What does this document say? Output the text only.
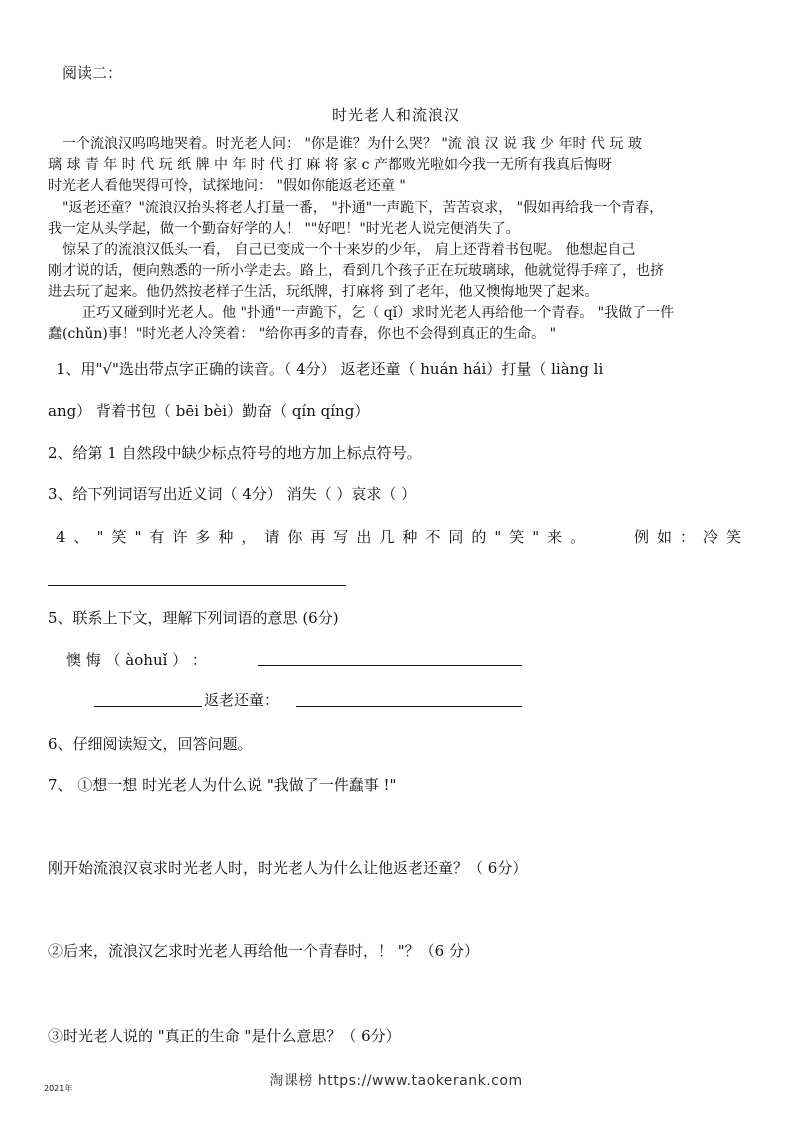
阅读二：
时光老人和流浪汉
一个流浪汉呜呜地哭着。时光老人问： "你是谁？为什么哭？ "流 浪 汉 说 我 少 年时 代 玩 玻
璃 球 青 年 时 代 玩 纸 牌 中 年 时 代 打 麻 将 家 c 产都败光啦如今我一无所有我真后悔呀
时光老人看他哭得可怜，试探地问： "假如你能返老还童 "
"返老还童？"流浪汉抬头将老人打量一番， "扑通"一声跪下，苦苦哀求， "假如再给我一个青春，
我一定从头学起，做一个勤奋好学的人！ ""好吧！"时光老人说完便消失了。
惊呆了的流浪汉低头一看， 自己已变成一个十来岁的少年， 肩上还背着书包呢。 他想起自己
刚才说的话，便向熟悉的一所小学走去。路上，看到几个孩子正在玩玻璃球，他就觉得手痒了，也挤
进去玩了起来。他仍然按老样子生活，玩纸牌，打麻将 到了老年，他又懊悔地哭了起来。
正巧又碰到时光老人。他 "扑通"一声跪下，乞（ qǐ）求时光老人再给他一个青春。 "我做了一件
蠢(chǔn)事！"时光老人冷笑着： "给你再多的青春，你也不会得到真正的生命。 "
1、用"√"选出带点字正确的读音。（ 4分） 返老还童（ huán hái）打量（ liàng li
ang） 背着书包（ bēi bèi）勤奋（ qín qíng）
2、给第 1 自然段中缺少标点符号的地方加上标点符号。
3、给下列词语写出近义词（ 4分） 消失（ ）哀求（ ）
4、"笑"有许多种，请你再写出几种不同的"笑"来。	例如：冷笑
5、联系上下文，理解下列词语的意思 (6分)
懊 悔 （ àohuǐ ） ：
返老还童：
6、仔细阅读短文，回答问题。
7、 ①想一想 时光老人为什么说 "我做了一件蠢事 !"
刚开始流浪汉哀求时光老人时，时光老人为什么让他返老还童？（ 6分）
②后来，流浪汉乞求时光老人再给他一个青春时，！ "？（6 分）
③时光老人说的 "真正的生命 "是什么意思？（ 6分）
淘课榜 https://www.taokerank.com
2021年
